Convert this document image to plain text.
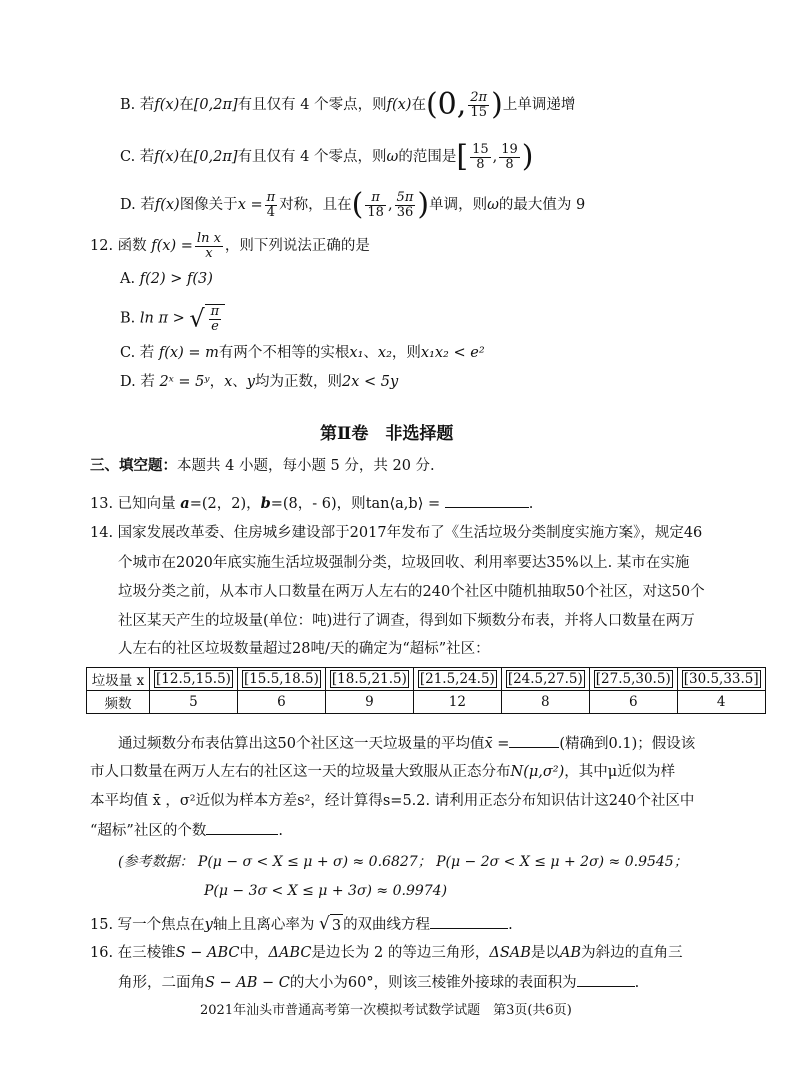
B. 若f(x)在[0,2π]有且仅有 4 个零点，则f(x)在(0, $\frac{2\pi}{15}$ )上单调递增
C. 若f(x)在[0,2π]有且仅有 4 个零点，则ω的范围是[ $\frac{15}{8}$ , $\frac{19}{8}$ )
D. 若f(x)图像关于$x = \frac{\pi}{4}$ 对称，且在( $\frac{\pi}{18}$ , $\frac{5\pi}{36}$ )单调，则ω的最大值为 9
12. 函数 $f(x) = \frac{\text{ln x}}{x}$ ，则下列说法正确的是
A. f(2) > f(3)
B. ln π > √ $\frac{\pi}{e}$
C. 若 f(x) = m有两个不相等的实根x₁、x₂，则x₁x₂ < e²
D. 若 2ˣ = 5ʸ，x、y均为正数，则2x < 5y
第Ⅱ卷　非选择题
三、填空题：本题共 4 小题，每小题 5 分，共 20 分.
13. 已知向量 a=(2，2)，b=(8，- 6)，则tan⟨a,b⟩ =	.
14. 国家发展改革委、住房城乡建设部于2017年发布了《生活垃圾分类制度实施方案》，规定46
个城市在2020年底实施生活垃圾强制分类，垃圾回收、利用率要达35%以上. 某市在实施
垃圾分类之前，从本市人口数量在两万人左右的240个社区中随机抽取50个社区，对这50个
社区某天产生的垃圾量(单位：吨)进行了调查，得到如下频数分布表，并将人口数量在两万
人左右的社区垃圾数量超过28吨/天的确定为“超标”社区：
垃圾量 x	[12.5,15.5)	[15.5,18.5)	[18.5,21.5)	[21.5,24.5)	[24.5,27.5)	[27.5,30.5)	[30.5,33.5]
频数	5	6	9	12	8	6	4
通过频数分布表估算出这50个社区这一天垃圾量的平均值x̄ =	(精确到0.1)；假设该
市人口数量在两万人左右的社区这一天的垃圾量大致服从正态分布N(μ,σ²)，其中μ近似为样
本平均值 x̄ ，σ²近似为样本方差s²，经计算得s=5.2. 请利用正态分布知识估计这240个社区中
“超标”社区的个数	.
(参考数据： P(μ − σ < X ≤ μ + σ) ≈ 0.6827； P(μ − 2σ < X ≤ μ + 2σ) ≈ 0.9545；
P(μ − 3σ < X ≤ μ + 3σ) ≈ 0.9974)
15. 写一个焦点在y轴上且离心率为 √ 3 的双曲线方程	.
16. 在三棱锥S − ABC中，ΔABC是边长为 2 的等边三角形，ΔSAB是以AB为斜边的直角三
角形，二面角S − AB − C的大小为60°，则该三棱锥外接球的表面积为	.
2021年汕头市普通高考第一次模拟考试数学试题　第3页(共6页)
